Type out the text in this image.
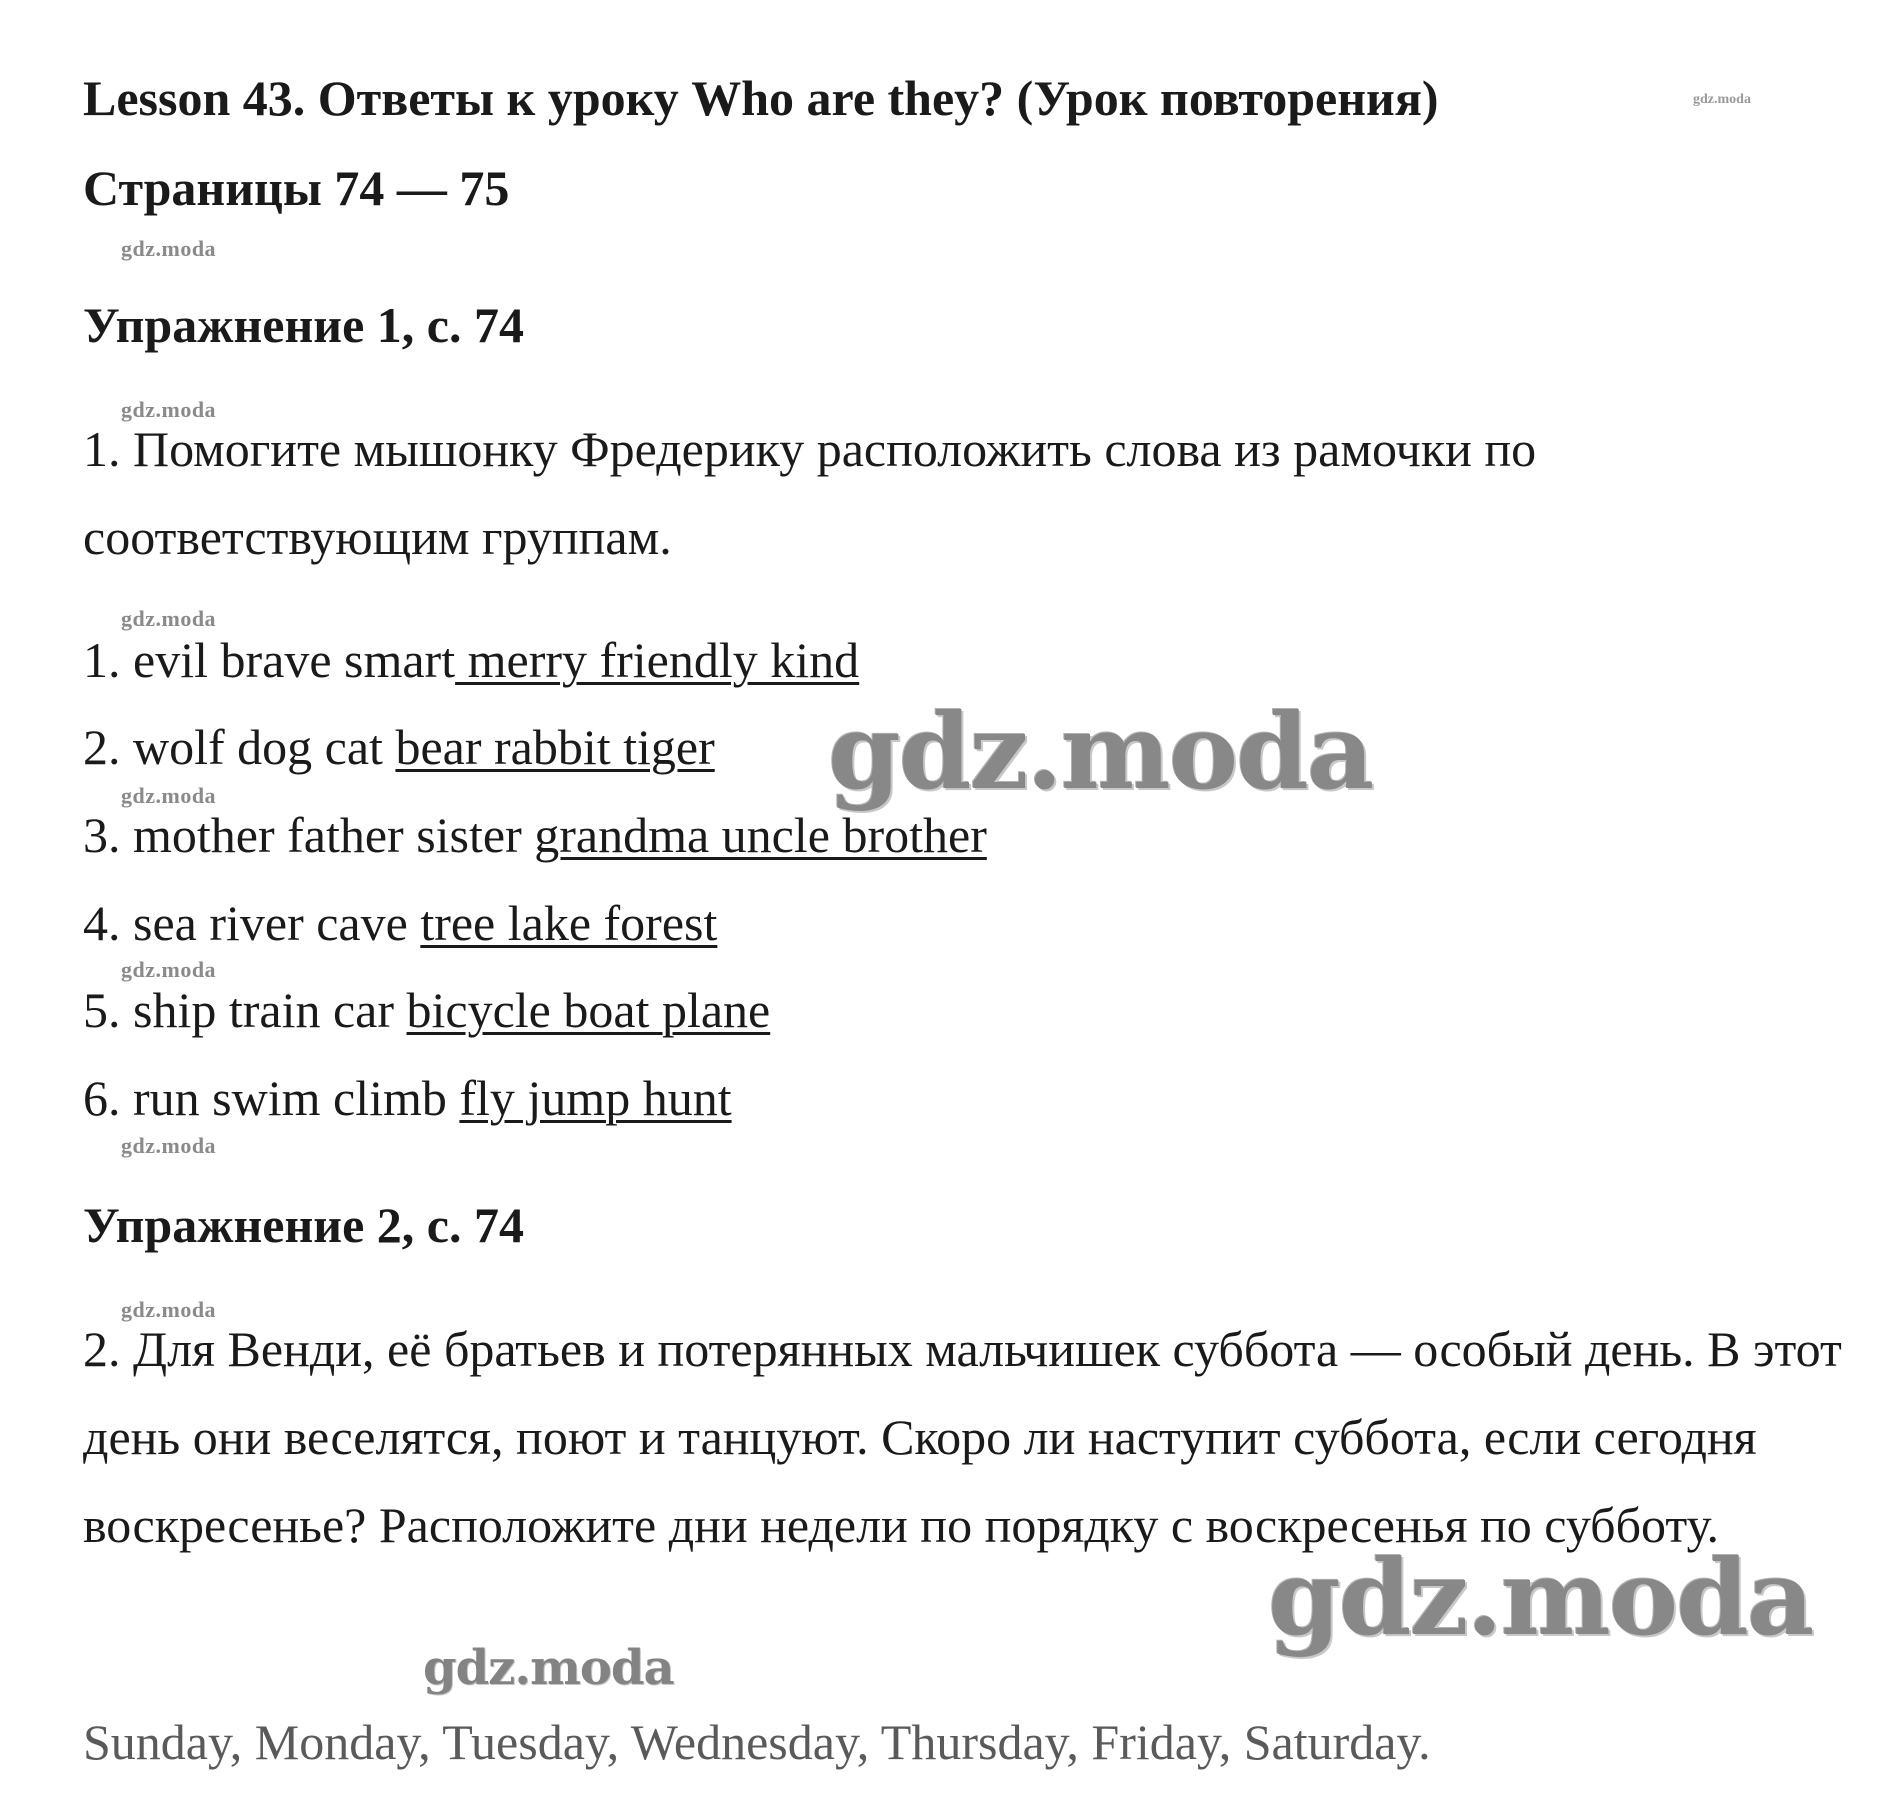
Lesson 43. Ответы к уроку Who are they? (Урок повторения)	gdz.moda
Страницы 74 — 75
gdz.moda
Упражнение 1, с. 74
gdz.moda

1. Помогите мышонку Фредерику расположить слова из рамочки по соответствующим группам.

gdz.moda
1. evil brave smart merry friendly kind
2. wolf dog cat bear rabbit tiger gdz.moda
gdz.moda
3. mother father sister grandma uncle brother
4. sea river cave tree lake forest
gdz.moda
5. ship train car bicycle boat plane
6. run swim climb fly jump hunt
gdz.moda
Упражнение 2, с. 74
gdz.moda

2. Для Венди, её братьев и потерянных мальчишек суббота — особый день. В этот день они веселятся, поют и танцуют. Скоро ли наступит суббота, если сегодня воскресенье? Расположите дни недели по порядку с воскресенья по субботу.

gdz.moda
gdz.moda
Sunday, Monday, Tuesday, Wednesday, Thursday, Friday, Saturday.
